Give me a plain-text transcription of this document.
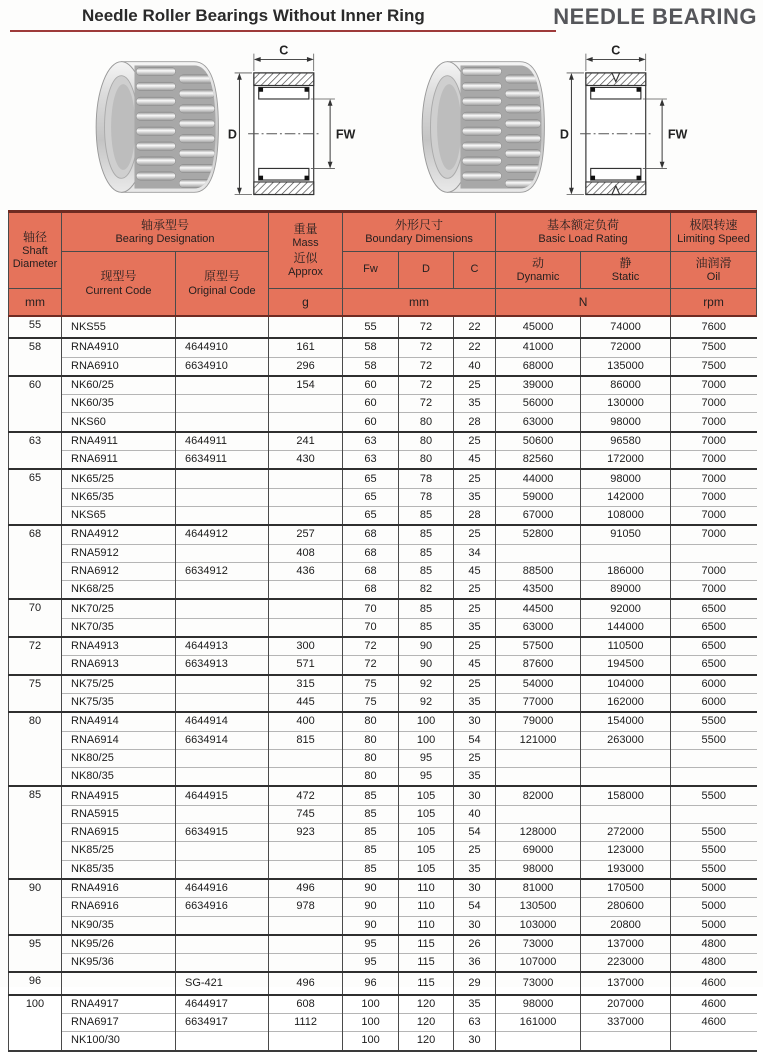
Needle Roller Bearings Without Inner Ring	NEEDLE BEARING
C
D	FW
C
D	FW
轴径
Shaft
Diameter

轴承型号
Bearing Designation

重量
Mass
近似
Approx

外形尺寸
Boundary Dimensions

基本额定负荷
Basic Load Rating

极限转速
Limiting Speed

现型号
Current Code

原型号
Original Code

Fw	D	C	动
Dynamic

静
Static

油润滑
Oil

mm			g	mm			N		rpm
55	NKS55			55	72	22	45000	74000	7600
58	RNA4910	4644910	161	58	72	22	41000	72000	7500
	RNA6910	6634910	296	58	72	40	68000	135000	7500
60	NK60/25		154	60	72	25	39000	86000	7000
	NK60/35			60	72	35	56000	130000	7000
	NKS60			60	80	28	63000	98000	7000
63	RNA4911	4644911	241	63	80	25	50600	96580	7000
	RNA6911	6634911	430	63	80	45	82560	172000	7000
65	NK65/25			65	78	25	44000	98000	7000
	NK65/35			65	78	35	59000	142000	7000
	NKS65			65	85	28	67000	108000	7000
68	RNA4912	4644912	257	68	85	25	52800	91050	7000
	RNA5912		408	68	85	34			
	RNA6912	6634912	436	68	85	45	88500	186000	7000
	NK68/25			68	82	25	43500	89000	7000
70	NK70/25			70	85	25	44500	92000	6500
	NK70/35			70	85	35	63000	144000	6500
72	RNA4913	4644913	300	72	90	25	57500	110500	6500
	RNA6913	6634913	571	72	90	45	87600	194500	6500
75	NK75/25		315	75	92	25	54000	104000	6000
	NK75/35		445	75	92	35	77000	162000	6000
80	RNA4914	4644914	400	80	100	30	79000	154000	5500
	RNA6914	6634914	815	80	100	54	121000	263000	5500
	NK80/25			80	95	25			
	NK80/35			80	95	35			
85	RNA4915	4644915	472	85	105	30	82000	158000	5500
	RNA5915		745	85	105	40			
	RNA6915	6634915	923	85	105	54	128000	272000	5500
	NK85/25			85	105	25	69000	123000	5500
	NK85/35			85	105	35	98000	193000	5500
90	RNA4916	4644916	496	90	110	30	81000	170500	5000
	RNA6916	6634916	978	90	110	54	130500	280600	5000
	NK90/35			90	110	30	103000	20800	5000
95	NK95/26			95	115	26	73000	137000	4800
	NK95/36			95	115	36	107000	223000	4800
96		SG-421	496	96	115	29	73000	137000	4600
100	RNA4917	4644917	608	100	120	35	98000	207000	4600
	RNA6917	6634917	1112	100	120	63	161000	337000	4600
	NK100/30			100	120	30			
